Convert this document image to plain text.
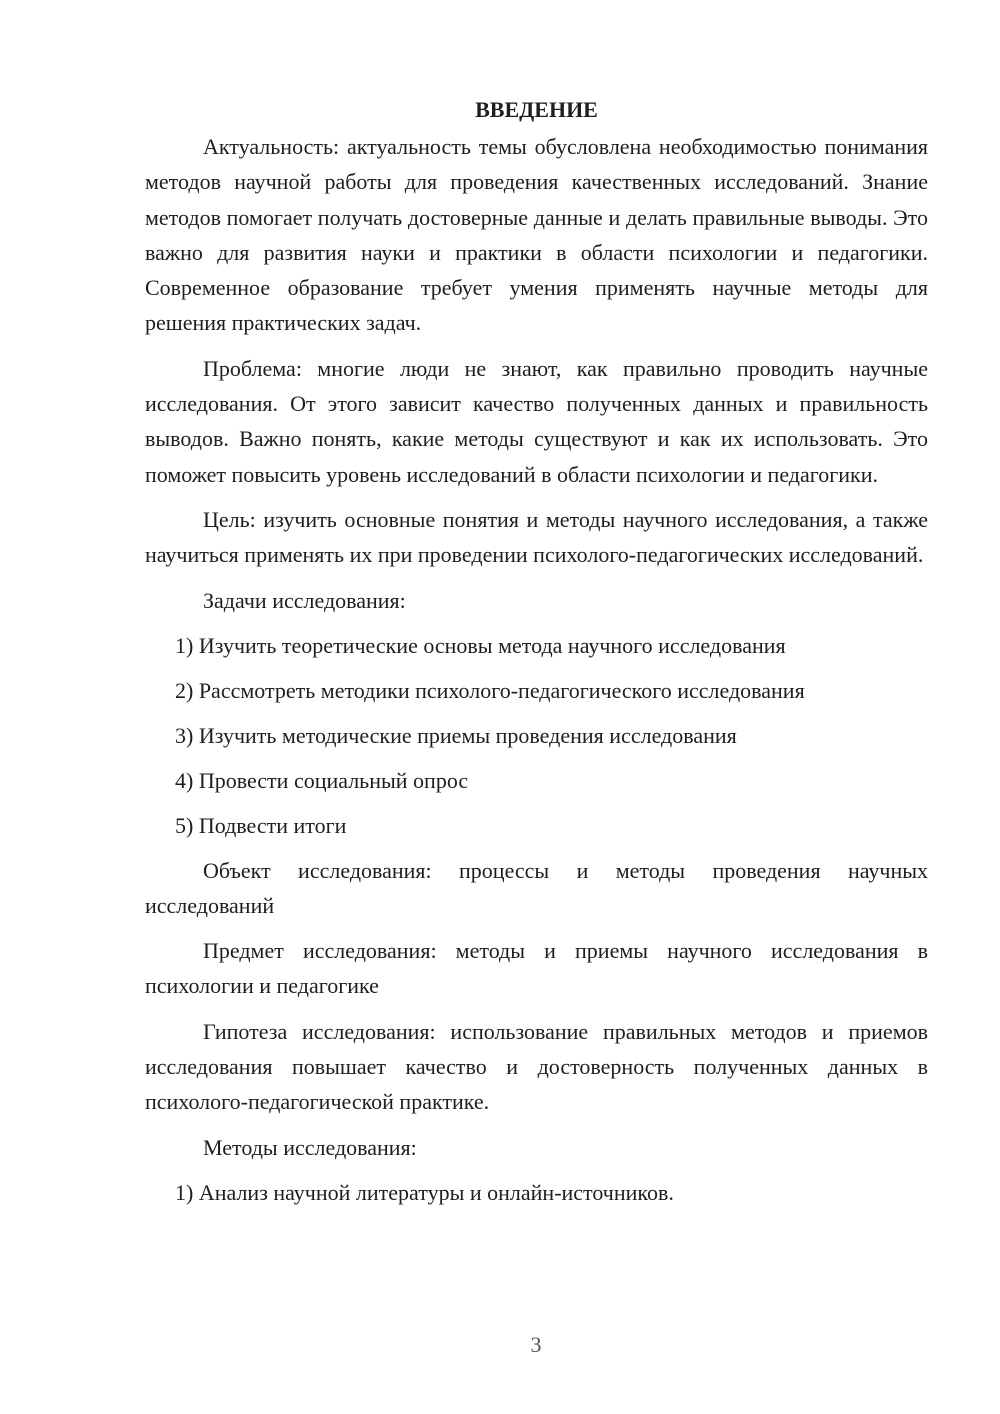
ВВЕДЕНИЕ

Актуальность: актуальность темы обусловлена необходимостью понимания методов научной работы для проведения качественных исследований. Знание методов помогает получать достоверные данные и делать правильные выводы. Это важно для развития науки и практики в области психологии и педагогики. Современное образование требует умения применять научные методы для решения практических задач.

Проблема: многие люди не знают, как правильно проводить научные исследования. От этого зависит качество полученных данных и правильность выводов. Важно понять, какие методы существуют и как их использовать. Это поможет повысить уровень исследований в области психологии и педагогики.

Цель: изучить основные понятия и методы научного исследования, а также научиться применять их при проведении психолого-педагогических исследований.

Задачи исследования:

1) Изучить теоретические основы метода научного исследования
2) Рассмотреть методики психолого-педагогического исследования
3) Изучить методические приемы проведения исследования
4) Провести социальный опрос
5) Подвести итоги

Объект исследования: процессы и методы проведения научных исследований

Предмет исследования: методы и приемы научного исследования в психологии и педагогике

Гипотеза исследования: использование правильных методов и приемов исследования повышает качество и достоверность полученных данных в психолого-педагогической практике.

Методы исследования:

1) Анализ научной литературы и онлайн-источников.
3
